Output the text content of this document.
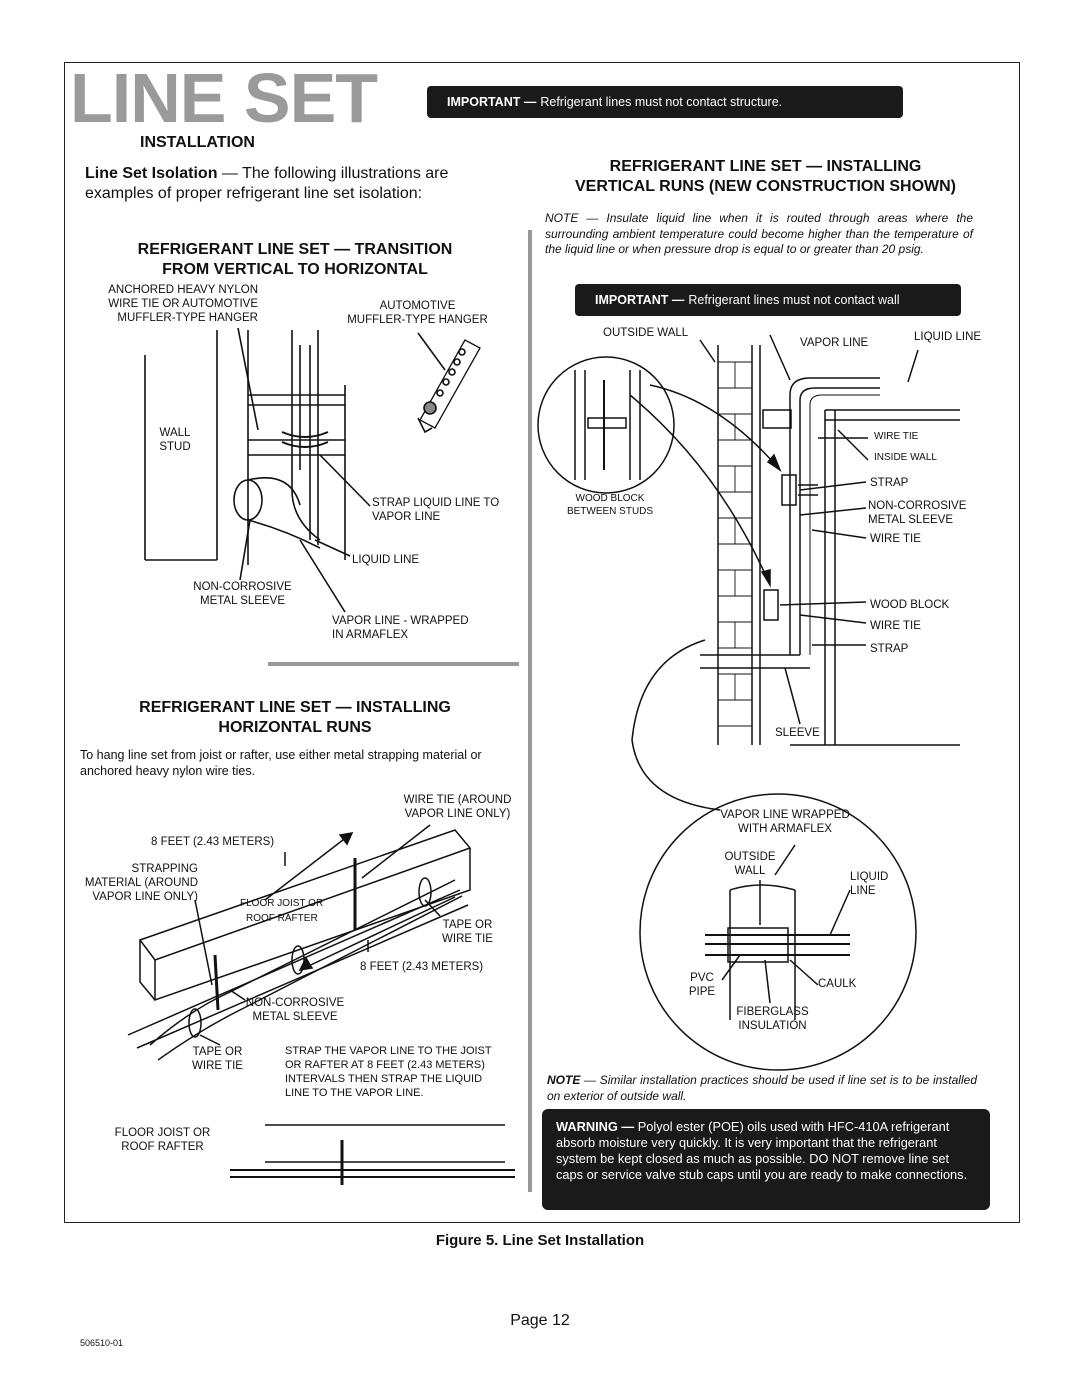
LINE SET	IMPORTANT — Refrigerant lines must not contact structure.
INSTALLATION
Line Set Isolation — The following illustrations are examples of proper refrigerant line set isolation:
REFRIGERANT LINE SET — TRANSITION
FROM VERTICAL TO HORIZONTAL
ANCHORED HEAVY NYLON
WIRE TIE OR AUTOMOTIVE
MUFFLER-TYPE HANGER
AUTOMOTIVE
MUFFLER-TYPE HANGER
WALL
STUD
STRAP LIQUID LINE TO
VAPOR LINE
LIQUID LINE
NON-CORROSIVE
METAL SLEEVE
VAPOR LINE - WRAPPED
IN ARMAFLEX
REFRIGERANT LINE SET — INSTALLING
HORIZONTAL RUNS
To hang line set from joist or rafter, use either metal strapping material or anchored heavy nylon wire ties.
WIRE TIE (AROUND
VAPOR LINE ONLY)
8 FEET (2.43 METERS)
STRAPPING
MATERIAL (AROUND
VAPOR LINE ONLY)
FLOOR JOIST OR
ROOF RAFTER
TAPE OR
WIRE TIE
8 FEET (2.43 METERS)
NON-CORROSIVE
METAL SLEEVE
TAPE OR
WIRE TIE
STRAP THE VAPOR LINE TO THE JOIST
OR RAFTER AT 8 FEET (2.43 METERS)
INTERVALS THEN STRAP THE LIQUID
LINE TO THE VAPOR LINE.
FLOOR JOIST OR
ROOF RAFTER
REFRIGERANT LINE SET — INSTALLING
VERTICAL RUNS (NEW CONSTRUCTION SHOWN)
NOTE — Insulate liquid line when it is routed through areas where the surrounding ambient temperature could become higher than the temperature of the liquid line or when pressure drop is equal to or greater than 20 psig.
IMPORTANT — Refrigerant lines must not contact wall
OUTSIDE WALL
VAPOR LINE	LIQUID LINE
WIRE TIE
INSIDE WALL
STRAP
WOOD BLOCK
BETWEEN STUDS	NON-CORROSIVE
METAL SLEEVE
WIRE TIE
WOOD BLOCK
WIRE TIE
STRAP
SLEEVE
VAPOR LINE WRAPPED
WITH ARMAFLEX
OUTSIDE
WALL	LIQUID
LINE
PVC
PIPE
CAULK
FIBERGLASS
INSULATION
NOTE — Similar installation practices should be used if line set is to be installed on exterior of outside wall.
WARNING — Polyol ester (POE) oils used with HFC-410A refrigerant absorb moisture very quickly. It is very important that the refrigerant system be kept closed as much as possible. DO NOT remove line set caps or service valve stub caps until you are ready to make connections.
Figure 5. Line Set Installation
Page 12
506510-01
